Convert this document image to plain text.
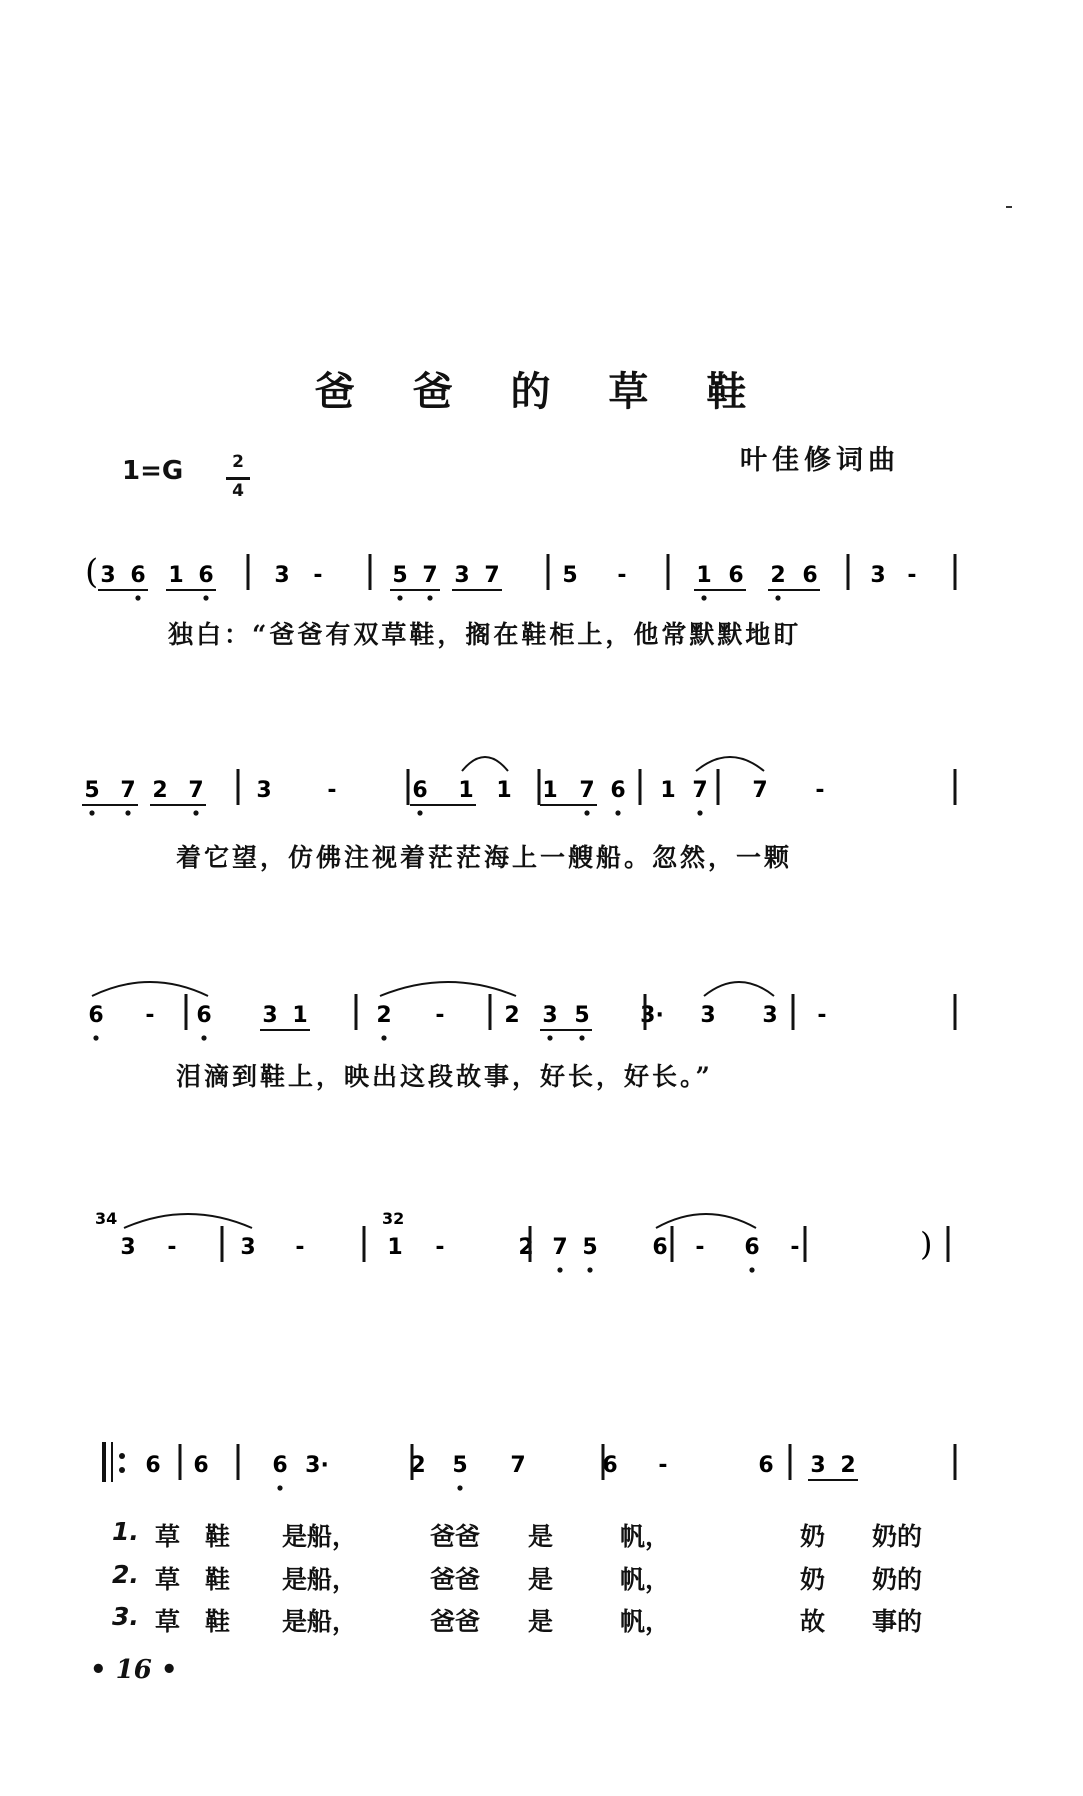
爸 爸 的 草 鞋
叶佳修词曲
1=G	2
4
( 3 6 1 6	3 -	5 7 3 7	5 -	1 6 2 6 3 -
独白：“爸爸有双草鞋，搁在鞋柜上，他常默默地盯
5 7 2 7 3	-	6 1 1 1 7 6 1 7 7 -
着它望，仿佛注视着茫茫海上一艘船。忽然，一颗
6 - 6 3 1	2 -	2 3 5 3· 3 3 -
泪滴到鞋上，映出这段故事，好长，好长。”
34	32
)
3 -	3 -	1 -	2 7 5 6 - 6 -
6 6	6 3·	2 5 7	6 -	6 3 2
1. 草 鞋 是船，	爸爸 是	帆，	奶 奶的
2. 草 鞋 是船，	爸爸 是	帆，	奶 奶的
3. 草 鞋 是船，	爸爸 是	帆，	故 事的
• 16 •
